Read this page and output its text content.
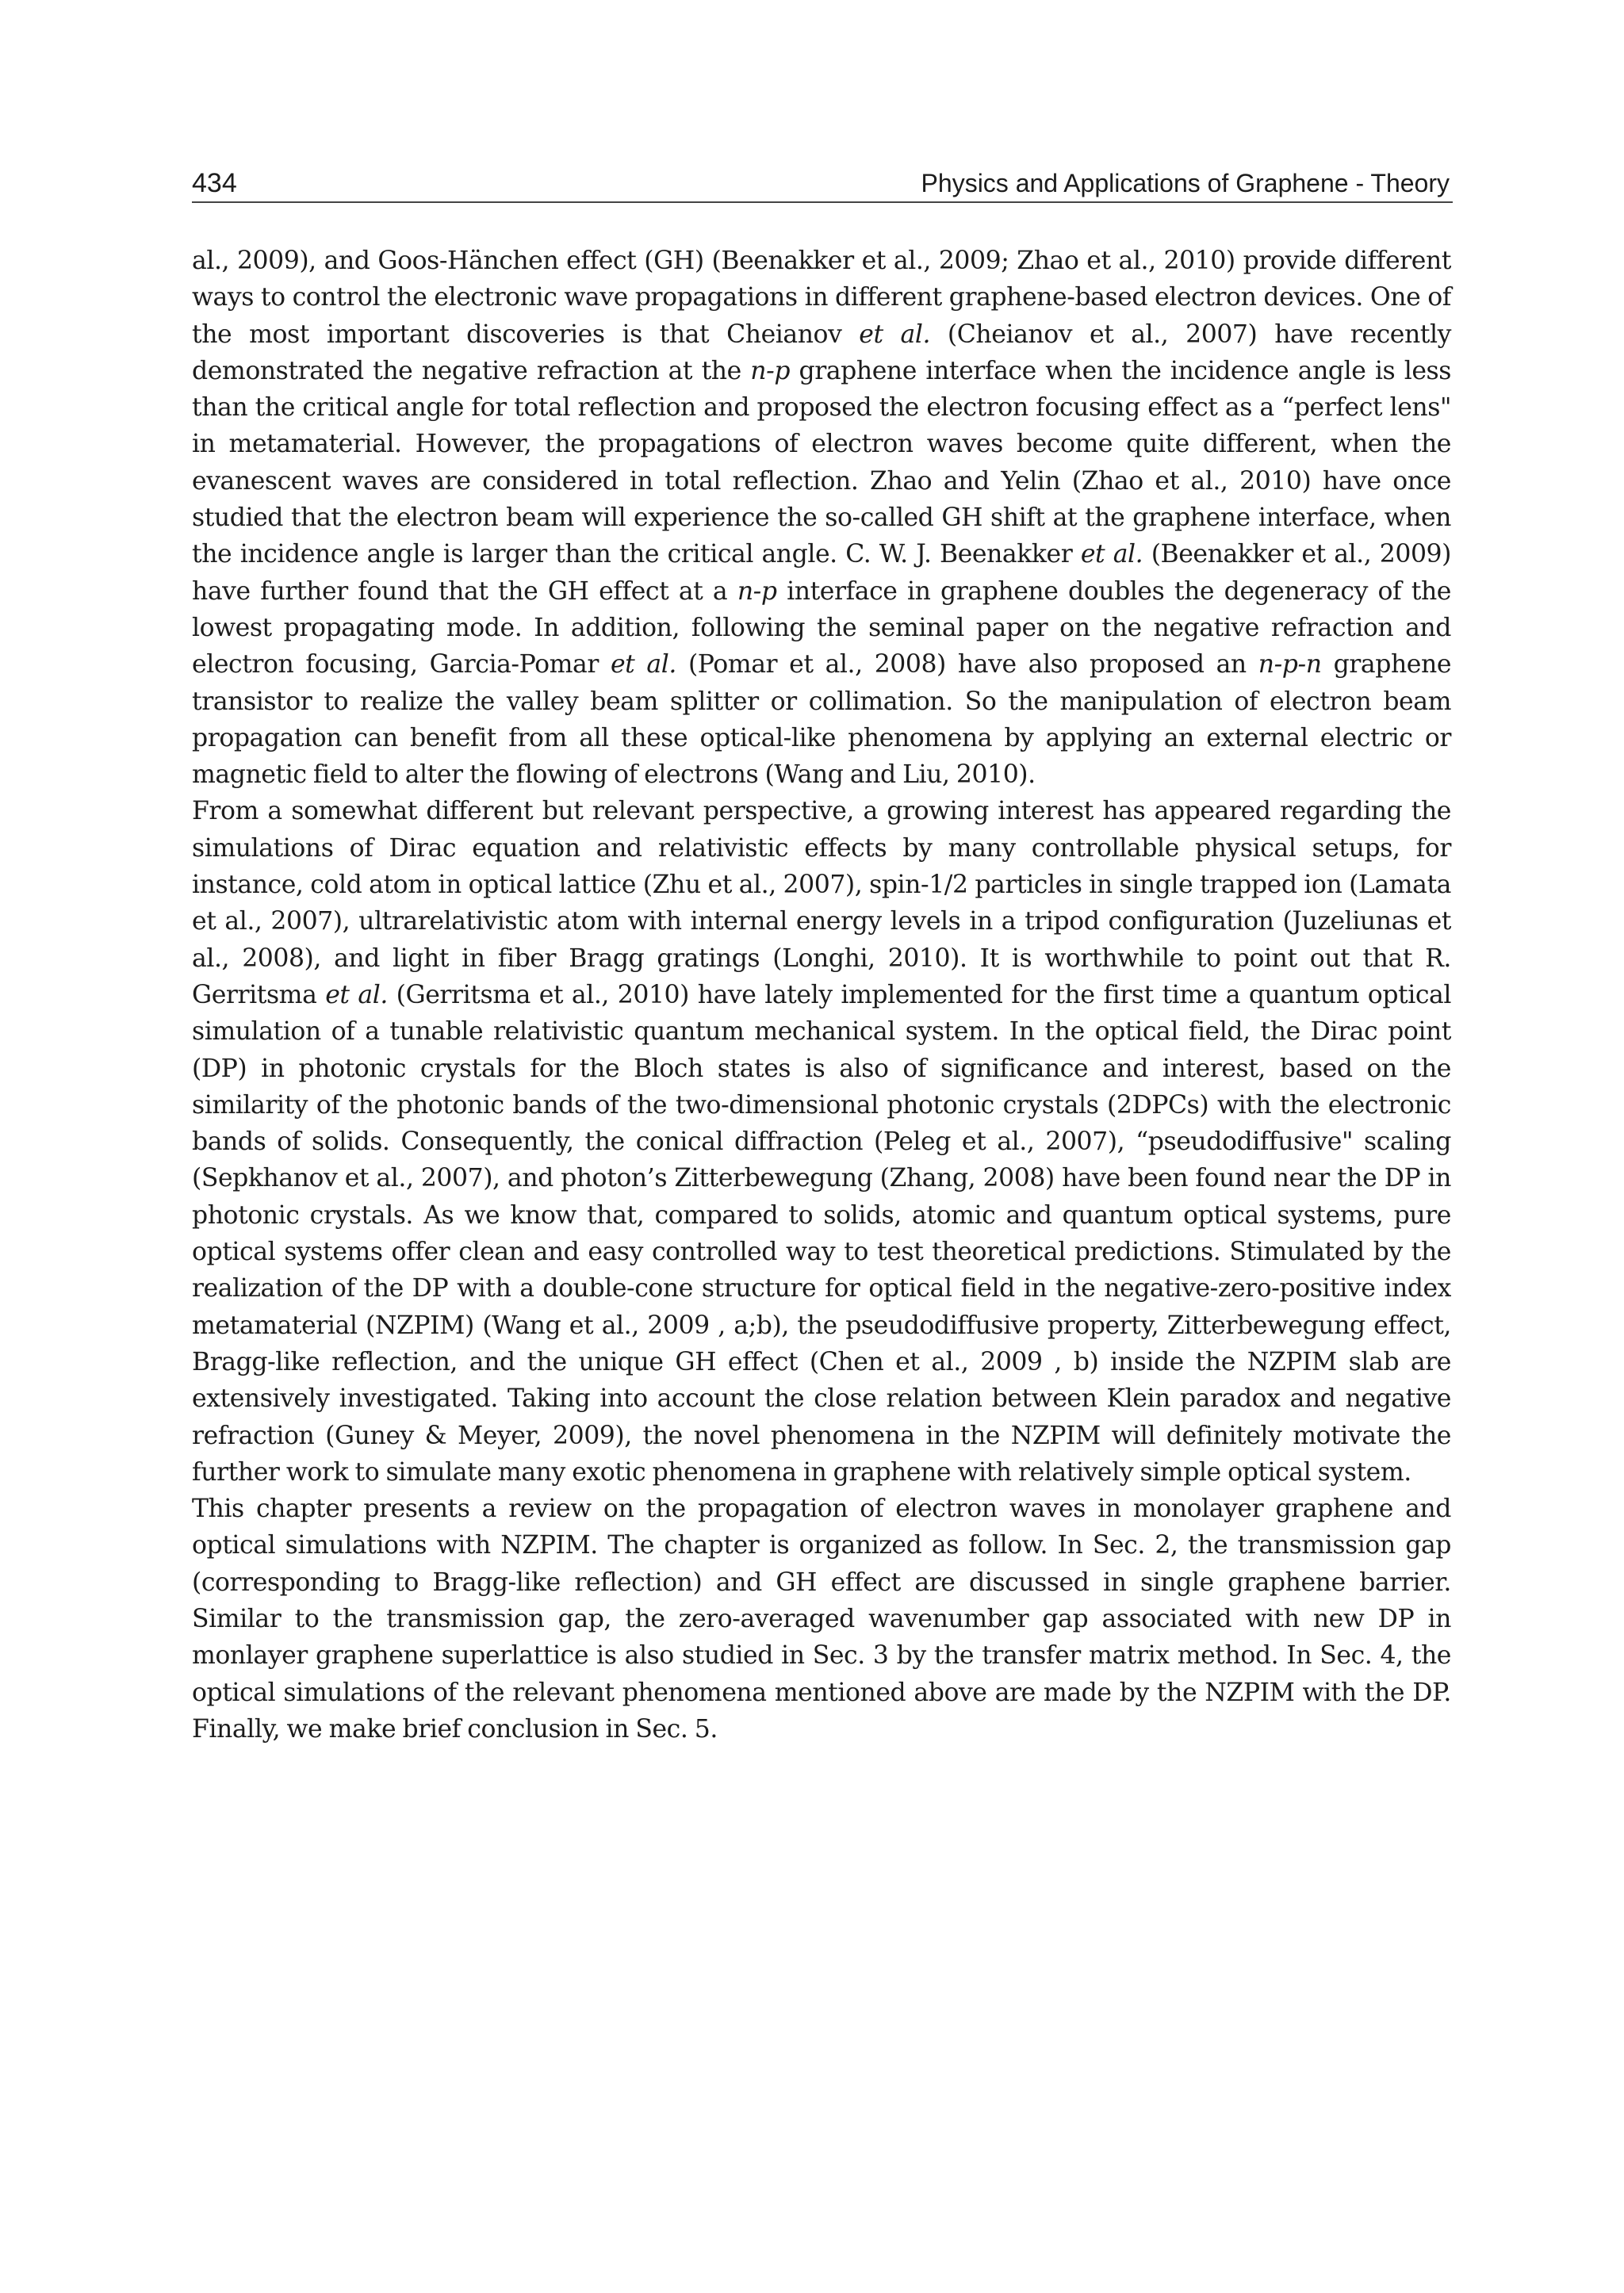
434	Physics and Applications of Graphene - Theory

al., 2009), and Goos-Hänchen effect (GH) (Beenakker et al., 2009; Zhao et al., 2010) provide different ways to control the electronic wave propagations in different graphene-based electron devices. One of the most important discoveries is that Cheianov et al. (Cheianov et al., 2007) have recently demonstrated the negative refraction at the n-p graphene interface when the incidence angle is less than the critical angle for total reflection and proposed the electron focusing effect as a “perfect lens" in metamaterial. However, the propagations of electron waves become quite different, when the evanescent waves are considered in total reflection. Zhao and Yelin (Zhao et al., 2010) have once studied that the electron beam will experience the so-called GH shift at the graphene interface, when the incidence angle is larger than the critical angle. C. W. J. Beenakker et al. (Beenakker et al., 2009) have further found that the GH effect at a n-p interface in graphene doubles the degeneracy of the lowest propagating mode. In addition, following the seminal paper on the negative refraction and electron focusing, Garcia-Pomar et al. (Pomar et al., 2008) have also proposed an n-p-n graphene transistor to realize the valley beam splitter or collimation. So the manipulation of electron beam propagation can benefit from all these optical-like phenomena by applying an external electric or magnetic field to alter the flowing of electrons (Wang and Liu, 2010).

From a somewhat different but relevant perspective, a growing interest has appeared regarding the simulations of Dirac equation and relativistic effects by many controllable physical setups, for instance, cold atom in optical lattice (Zhu et al., 2007), spin-1/2 particles in single trapped ion (Lamata et al., 2007), ultrarelativistic atom with internal energy levels in a tripod configuration (Juzeliunas et al., 2008), and light in fiber Bragg gratings (Longhi, 2010). It is worthwhile to point out that R. Gerritsma et al. (Gerritsma et al., 2010) have lately implemented for the first time a quantum optical simulation of a tunable relativistic quantum mechanical system. In the optical field, the Dirac point (DP) in photonic crystals for the Bloch states is also of significance and interest, based on the similarity of the photonic bands of the two-dimensional photonic crystals (2DPCs) with the electronic bands of solids. Consequently, the conical diffraction (Peleg et al., 2007), “pseudodiffusive" scaling (Sepkhanov et al., 2007), and photon’s Zitterbewegung (Zhang, 2008) have been found near the DP in photonic crystals. As we know that, compared to solids, atomic and quantum optical systems, pure optical systems offer clean and easy controlled way to test theoretical predictions. Stimulated by the realization of the DP with a double-cone structure for optical field in the negative-zero-positive index metamaterial (NZPIM) (Wang et al., 2009 , a;b), the pseudodiffusive property, Zitterbewegung effect, Bragg-like reflection, and the unique GH effect (Chen et al., 2009 , b) inside the NZPIM slab are extensively investigated. Taking into account the close relation between Klein paradox and negative refraction (Guney & Meyer, 2009), the novel phenomena in the NZPIM will definitely motivate the further work to simulate many exotic phenomena in graphene with relatively simple optical system.

This chapter presents a review on the propagation of electron waves in monolayer graphene and optical simulations with NZPIM. The chapter is organized as follow. In Sec. 2, the transmission gap (corresponding to Bragg-like reflection) and GH effect are discussed in single graphene barrier. Similar to the transmission gap, the zero-averaged wavenumber gap associated with new DP in monlayer graphene superlattice is also studied in Sec. 3 by the transfer matrix method. In Sec. 4, the optical simulations of the relevant phenomena mentioned above are made by the NZPIM with the DP. Finally, we make brief conclusion in Sec. 5.
